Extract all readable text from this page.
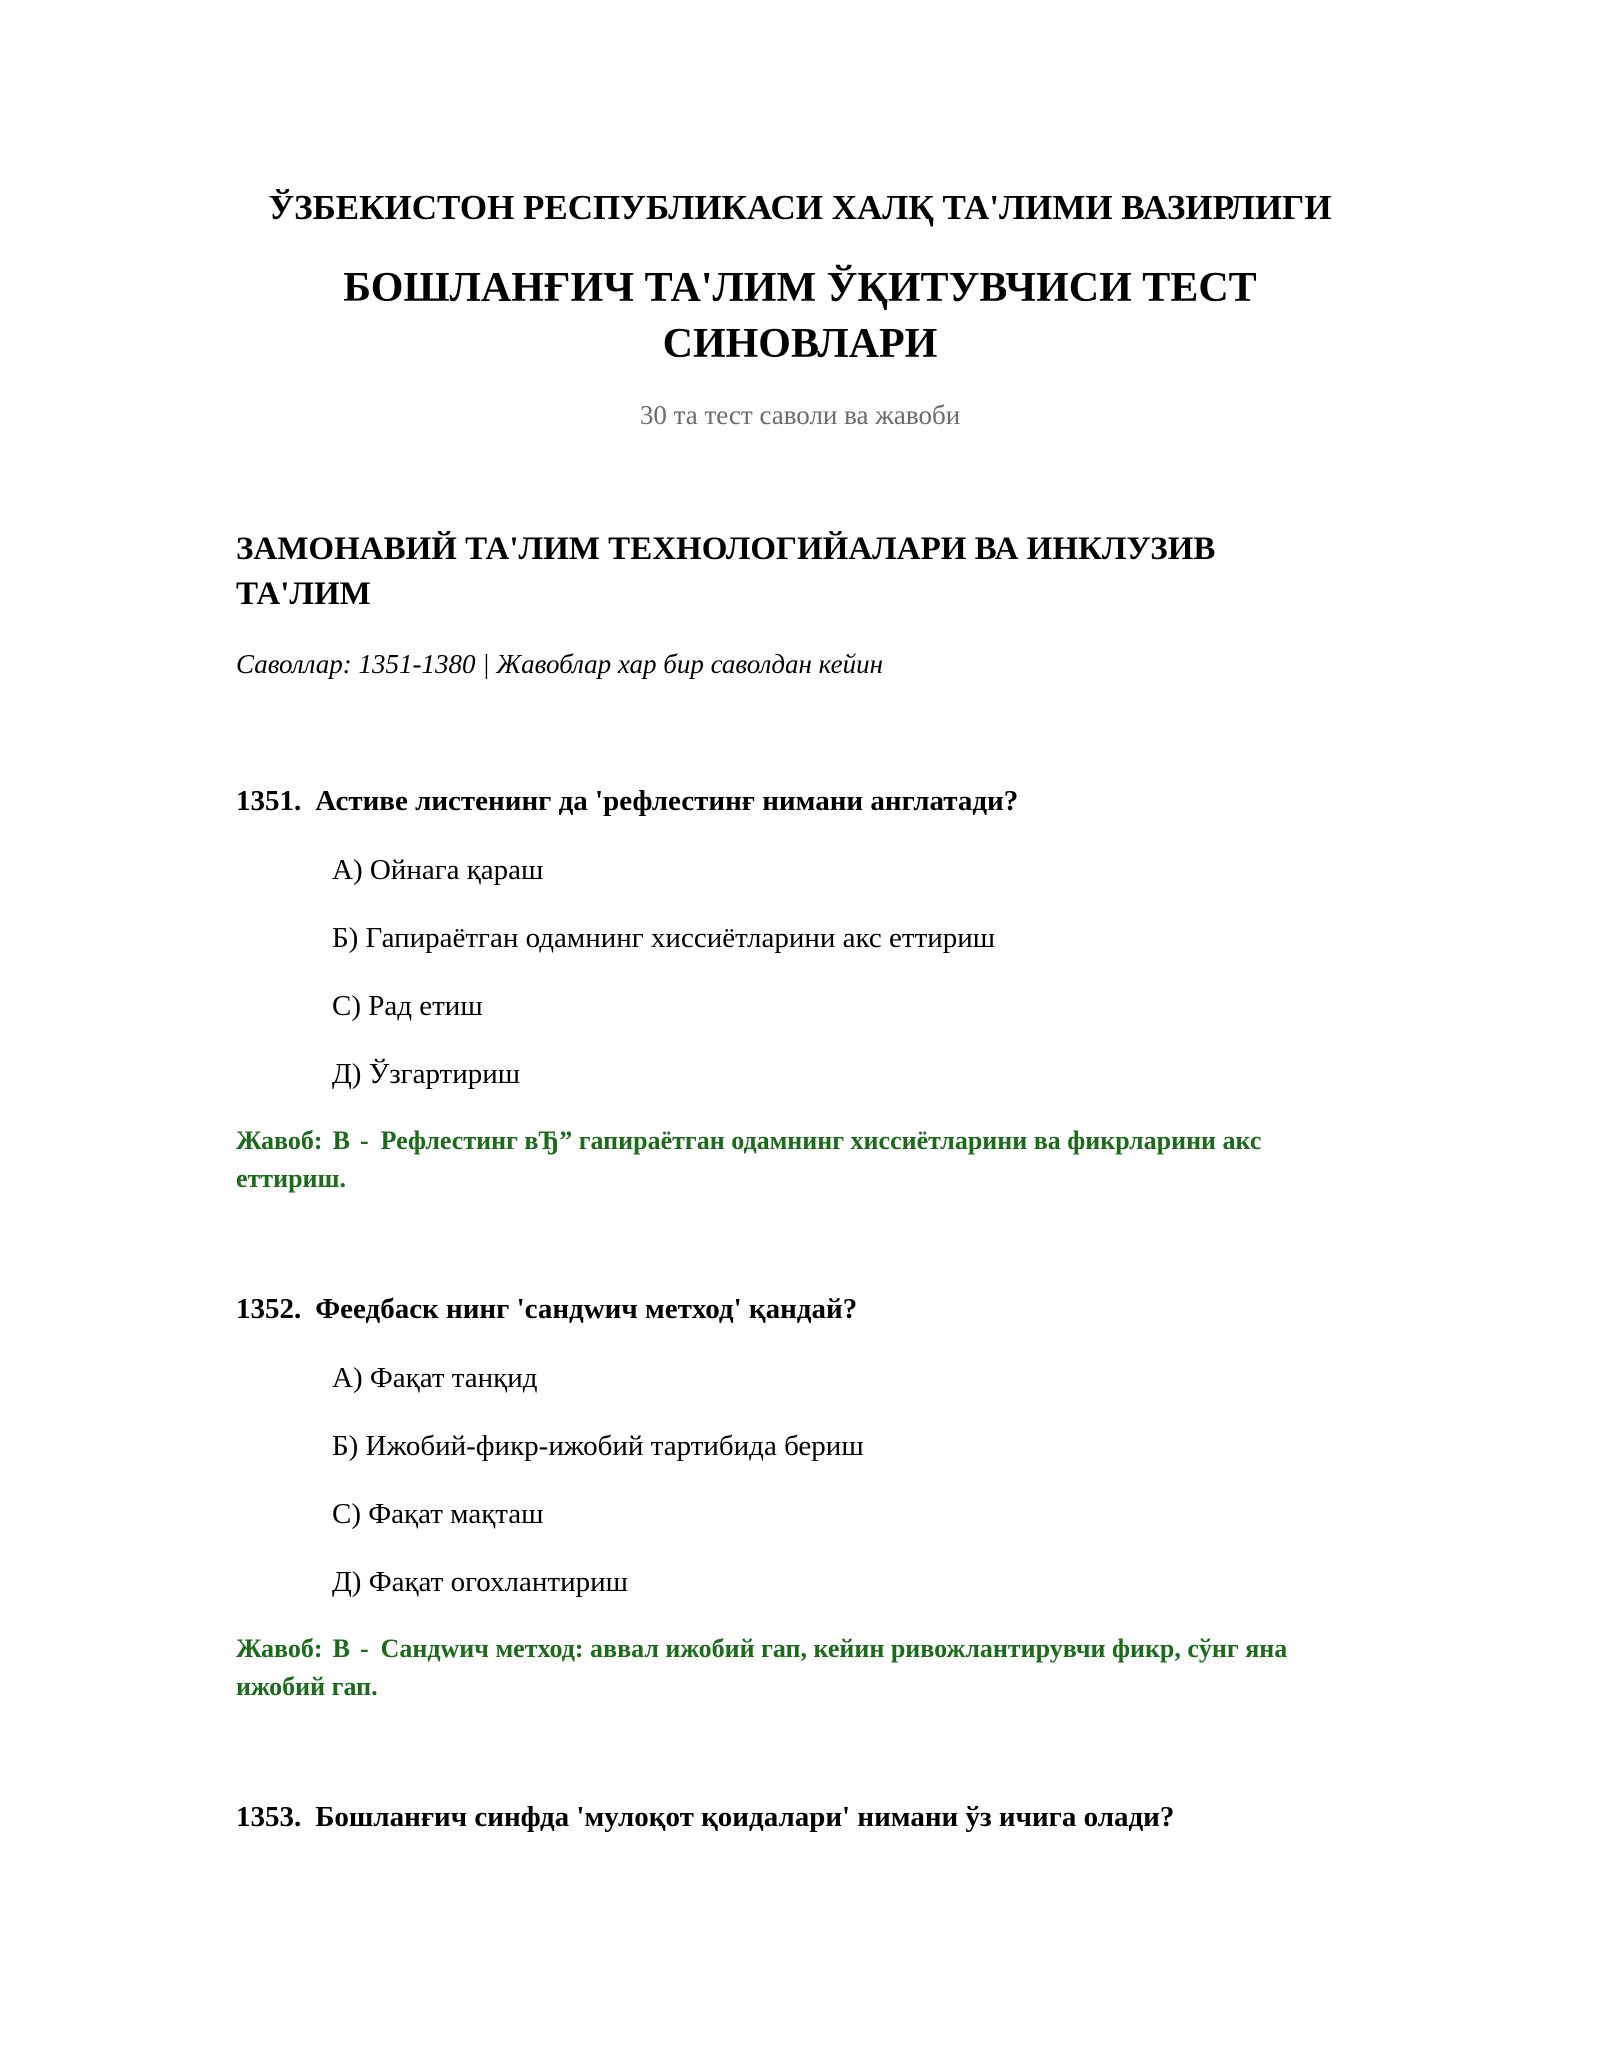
ЎЗБЕКИСТОН РЕСПУБЛИКАСИ ХАЛҚ ТА'ЛИМИ ВАЗИРЛИГИ
БОШЛАНҒИЧ ТА'ЛИМ ЎҚИТУВЧИСИ ТЕСТ СИНОВЛАРИ
30 та тест саволи ва жавоби
ЗАМОНАВИЙ ТА'ЛИМ ТЕХНОЛОГИЙАЛАРИ ВА ИНКЛУЗИВ ТА'ЛИМ
Саволлар: 1351-1380 | Жавоблар хар бир саволдан кейин

1351. Астиве листенинг да 'рефлестинғ нимани англатади?

А) Ойнага қараш
Б) Гапираётган одамнинг хиссиётларини акс еттириш
С) Рад етиш
Д) Ўзгартириш
Жавоб: В - Рефлестинг вЂ” гапираётган одамнинг хиссиётларини ва фикрларини акс еттириш.

1352. Феедбаск нинг 'сандwич метход' қандай?

А) Фақат танқид
Б) Ижобий-фикр-ижобий тартибида бериш
С) Фақат мақташ
Д) Фақат огохлантириш
Жавоб: В - Сандwич метход: аввал ижобий гап, кейин ривожлантирувчи фикр, сўнг яна ижобий гап.

1353. Бошланғич синфда 'мулоқот қоидалари' нимани ўз ичига олади?
